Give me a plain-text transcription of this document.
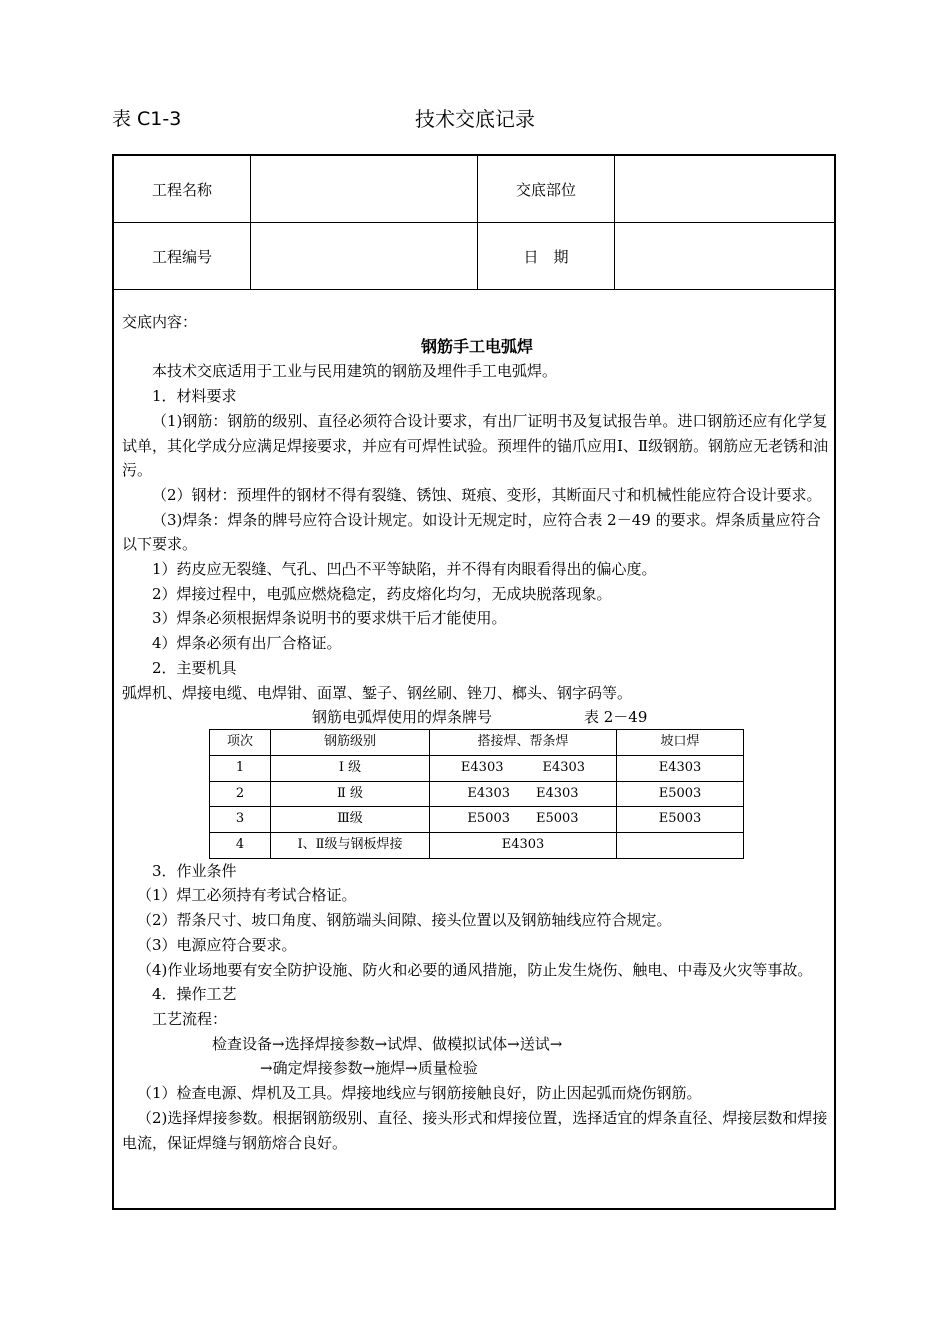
表 C1-3	技术交底记录
工程名称		交底部位	
工程编号		日　期	

交底内容：

钢筋手工电弧焊

本技术交底适用于工业与民用建筑的钢筋及埋件手工电弧焊。

1．材料要求

（1)钢筋：钢筋的级别、直径必须符合设计要求，有出厂证明书及复试报告单。进口钢筋还应有化学复试单，其化学成分应满足焊接要求，并应有可焊性试验。预埋件的锚爪应用Ⅰ、Ⅱ级钢筋。钢筋应无老锈和油污。

（2）钢材：预埋件的钢材不得有裂缝、锈蚀、斑痕、变形，其断面尺寸和机械性能应符合设计要求。

（3)焊条：焊条的牌号应符合设计规定。如设计无规定时，应符合表 2－49 的要求。焊条质量应符合以下要求。

1）药皮应无裂缝、气孔、凹凸不平等缺陷，并不得有肉眼看得出的偏心度。

2）焊接过程中，电弧应燃烧稳定，药皮熔化均匀，无成块脱落现象。

3）焊条必须根据焊条说明书的要求烘干后才能使用。

4）焊条必须有出厂合格证。

2．主要机具

弧焊机、焊接电缆、电焊钳、面罩、錾子、钢丝刷、锉刀、榔头、钢字码等。

钢筋电弧焊使用的焊条牌号	表 2－49
项次	钢筋级别	搭接焊、帮条焊	坡口焊
1	Ⅰ 级	E4303　　　E4303	E4303
2	Ⅱ 级	E4303　　E4303	E5003
3	Ⅲ级	E5003　　E5003	E5003
4	Ⅰ、Ⅱ级与钢板焊接	E4303	

3．作业条件

（1）焊工必须持有考试合格证。

（2）帮条尺寸、坡口角度、钢筋端头间隙、接头位置以及钢筋轴线应符合规定。

（3）电源应符合要求。

（4)作业场地要有安全防护设施、防火和必要的通风措施，防止发生烧伤、触电、中毒及火灾等事故。

4．操作工艺

工艺流程：

检查设备→选择焊接参数→试焊、做模拟试体→送试→

→确定焊接参数→施焊→质量检验

（1）检查电源、焊机及工具。焊接地线应与钢筋接触良好，防止因起弧而烧伤钢筋。

（2)选择焊接参数。根据钢筋级别、直径、接头形式和焊接位置，选择适宜的焊条直径、焊接层数和焊接电流，保证焊缝与钢筋熔合良好。
